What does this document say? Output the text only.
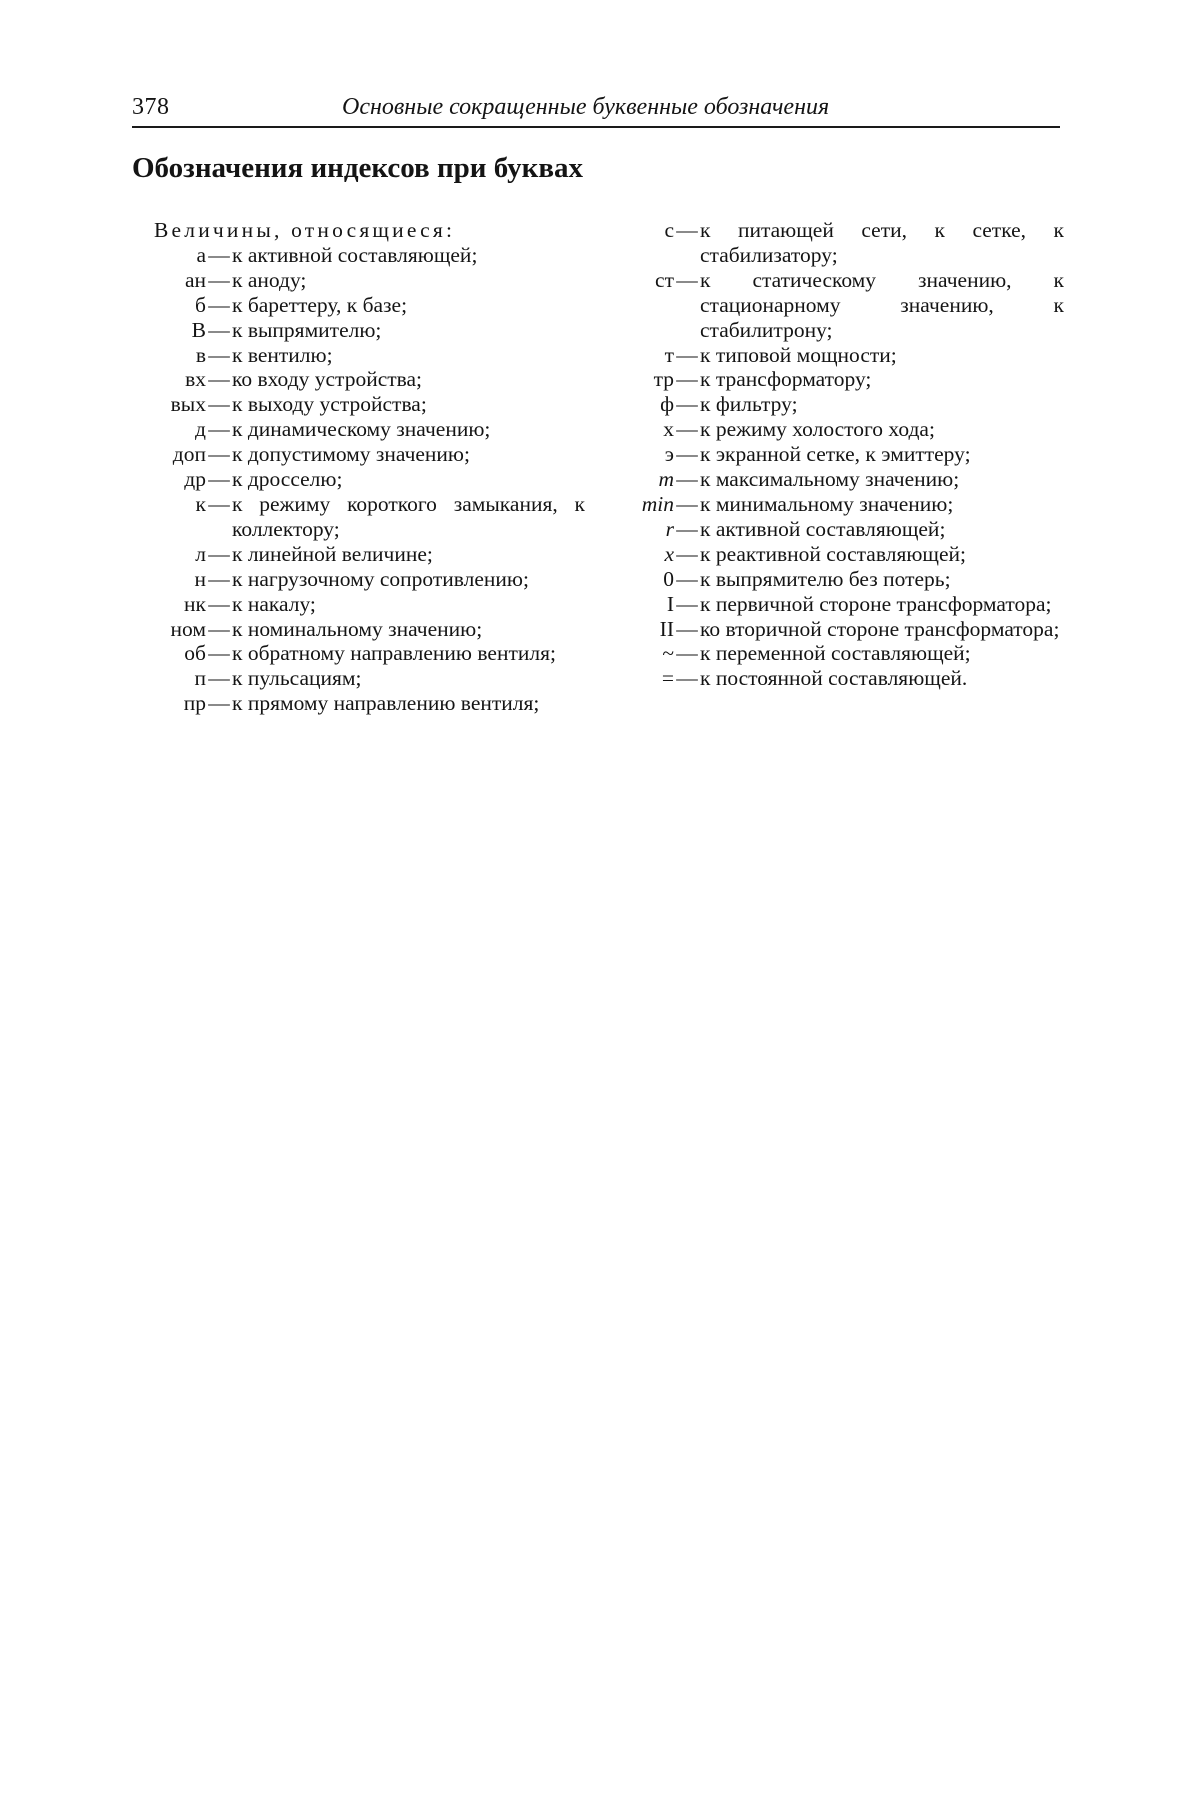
378	Основные сокращенные буквенные обозначения
Обозначения индексов при буквах
Величины, относящиеся:
а — к активной составляющей;
ан — к аноду;
б — к бареттеру, к базе;
В — к выпрямителю;
в — к вентилю;
вх — ко входу устройства;
вых — к выходу устройства;
д — к динамическому значению;
доп — к допустимому значению;
др — к дросселю;
к — к режиму короткого замыкания, к коллектору;
л — к линейной величине;
н — к нагрузочному сопротивлению;
нк — к накалу;
ном — к номинальному значению;
об — к обратному направлению вентиля;
п — к пульсациям;
пр — к прямому направлению вентиля;
с — к питающей сети, к сетке, к стабилизатору;
ст — к статическому значению, к стационарному значению, к стабилитрону;
т — к типовой мощности;
тр — к трансформатору;
ф — к фильтру;
х — к режиму холостого хода;
э — к экранной сетке, к эмиттеру;
m — к максимальному значению;
min — к минимальному значению;
r — к активной составляющей;
x — к реактивной составляющей;
0 — к выпрямителю без потерь;
I — к первичной стороне трансформатора;
II — ко вторичной стороне трансформатора;
~ — к переменной составляющей;
= — к постоянной составляющей.
